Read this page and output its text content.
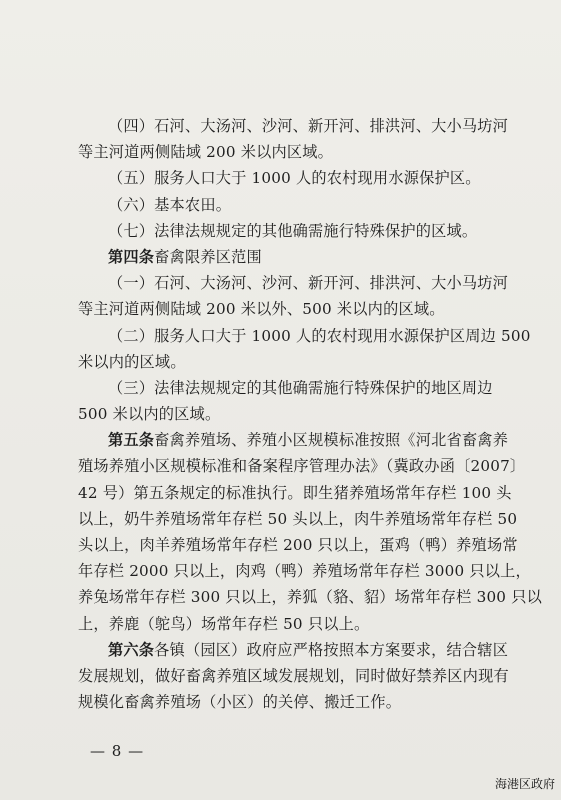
（四）石河、大汤河、沙河、新开河、排洪河、大小马坊河
等主河道两侧陆域 200 米以内区域。
（五）服务人口大于 1000 人的农村现用水源保护区。
（六）基本农田。
（七）法律法规规定的其他确需施行特殊保护的区域。
第四条畜禽限养区范围
（一）石河、大汤河、沙河、新开河、排洪河、大小马坊河
等主河道两侧陆域 200 米以外、500 米以内的区域。
（二）服务人口大于 1000 人的农村现用水源保护区周边 500
米以内的区域。
（三）法律法规规定的其他确需施行特殊保护的地区周边
500 米以内的区域。
第五条畜禽养殖场、养殖小区规模标准按照《河北省畜禽养
殖场养殖小区规模标准和备案程序管理办法》（冀政办函〔2007〕
42 号）第五条规定的标准执行。即生猪养殖场常年存栏 100 头
以上，奶牛养殖场常年存栏 50 头以上，肉牛养殖场常年存栏 50
头以上，肉羊养殖场常年存栏 200 只以上，蛋鸡（鸭）养殖场常
年存栏 2000 只以上，肉鸡（鸭）养殖场常年存栏 3000 只以上，
养兔场常年存栏 300 只以上，养狐（貉、貂）场常年存栏 300 只以
上，养鹿（鸵鸟）场常年存栏 50 只以上。
第六条各镇（园区）政府应严格按照本方案要求，结合辖区
发展规划，做好畜禽养殖区域发展规划，同时做好禁养区内现有
规模化畜禽养殖场（小区）的关停、搬迁工作。
— 8 —
海港区政府
